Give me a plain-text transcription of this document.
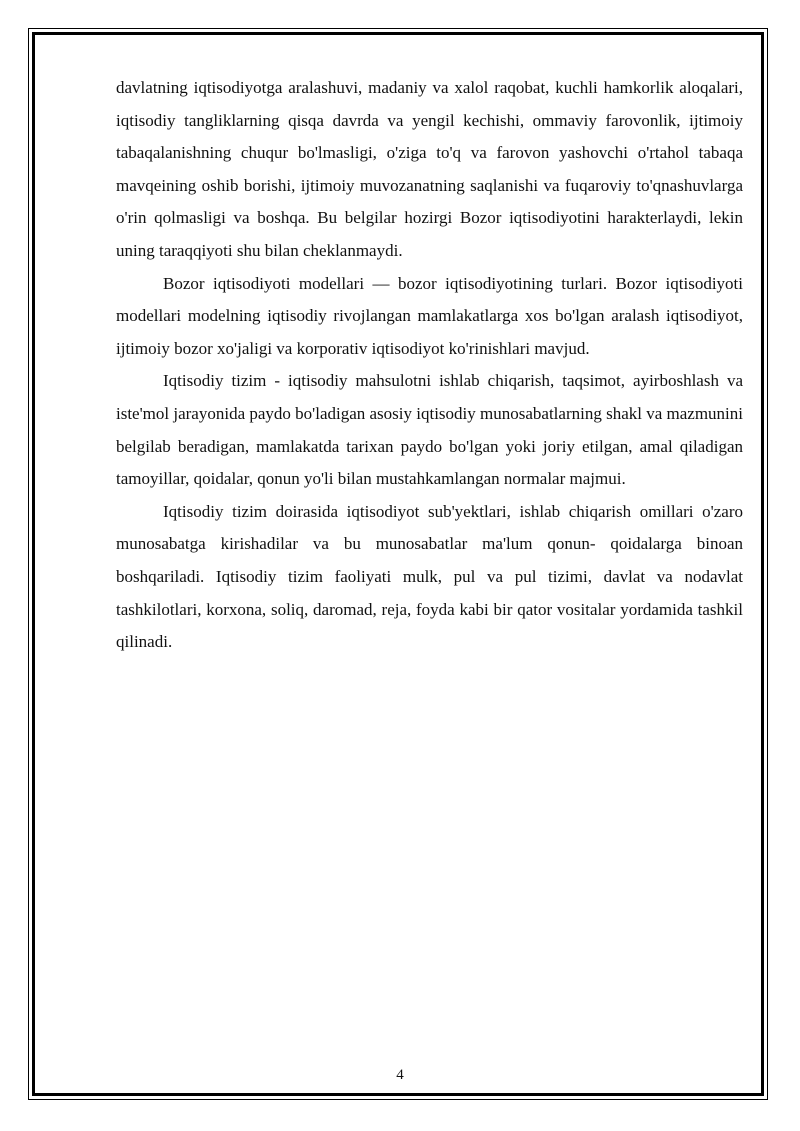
davlatning iqtisodiyotga aralashuvi, madaniy va xalol raqobat, kuchli hamkorlik aloqalari, iqtisodiy tangliklarning qisqa davrda va yengil kechishi, ommaviy farovonlik, ijtimoiy tabaqalanishning chuqur bo'lmasligi, o'ziga to'q va farovon yashovchi o'rtahol tabaqa mavqeining oshib borishi, ijtimoiy muvozanatning saqlanishi va fuqaroviy to'qnashuvlarga o'rin qolmasligi va boshqa. Bu belgilar hozirgi Bozor iqtisodiyotini harakterlaydi, lekin uning taraqqiyoti shu bilan cheklanmaydi.

Bozor iqtisodiyoti modellari — bozor iqtisodiyotining turlari. Bozor iqtisodiyoti modellari modelning iqtisodiy rivojlangan mamlakatlarga xos bo'lgan aralash iqtisodiyot, ijtimoiy bozor xo'jaligi va korporativ iqtisodiyot ko'rinishlari mavjud.

Iqtisodiy tizim - iqtisodiy mahsulotni ishlab chiqarish, taqsimot, ayirboshlash va iste'mol jarayonida paydo bo'ladigan asosiy iqtisodiy munosabatlarning shakl va mazmunini belgilab beradigan, mamlakatda tarixan paydo bo'lgan yoki joriy etilgan, amal qiladigan tamoyillar, qoidalar, qonun yo'li bilan mustahkamlangan normalar majmui.

Iqtisodiy tizim doirasida iqtisodiyot sub'yektlari, ishlab chiqarish omillari o'zaro munosabatga kirishadilar va bu munosabatlar ma'lum qonun- qoidalarga binoan boshqariladi. Iqtisodiy tizim faoliyati mulk, pul va pul tizimi, davlat va nodavlat tashkilotlari, korxona, soliq, daromad, reja, foyda kabi bir qator vositalar yordamida tashkil qilinadi.

4
